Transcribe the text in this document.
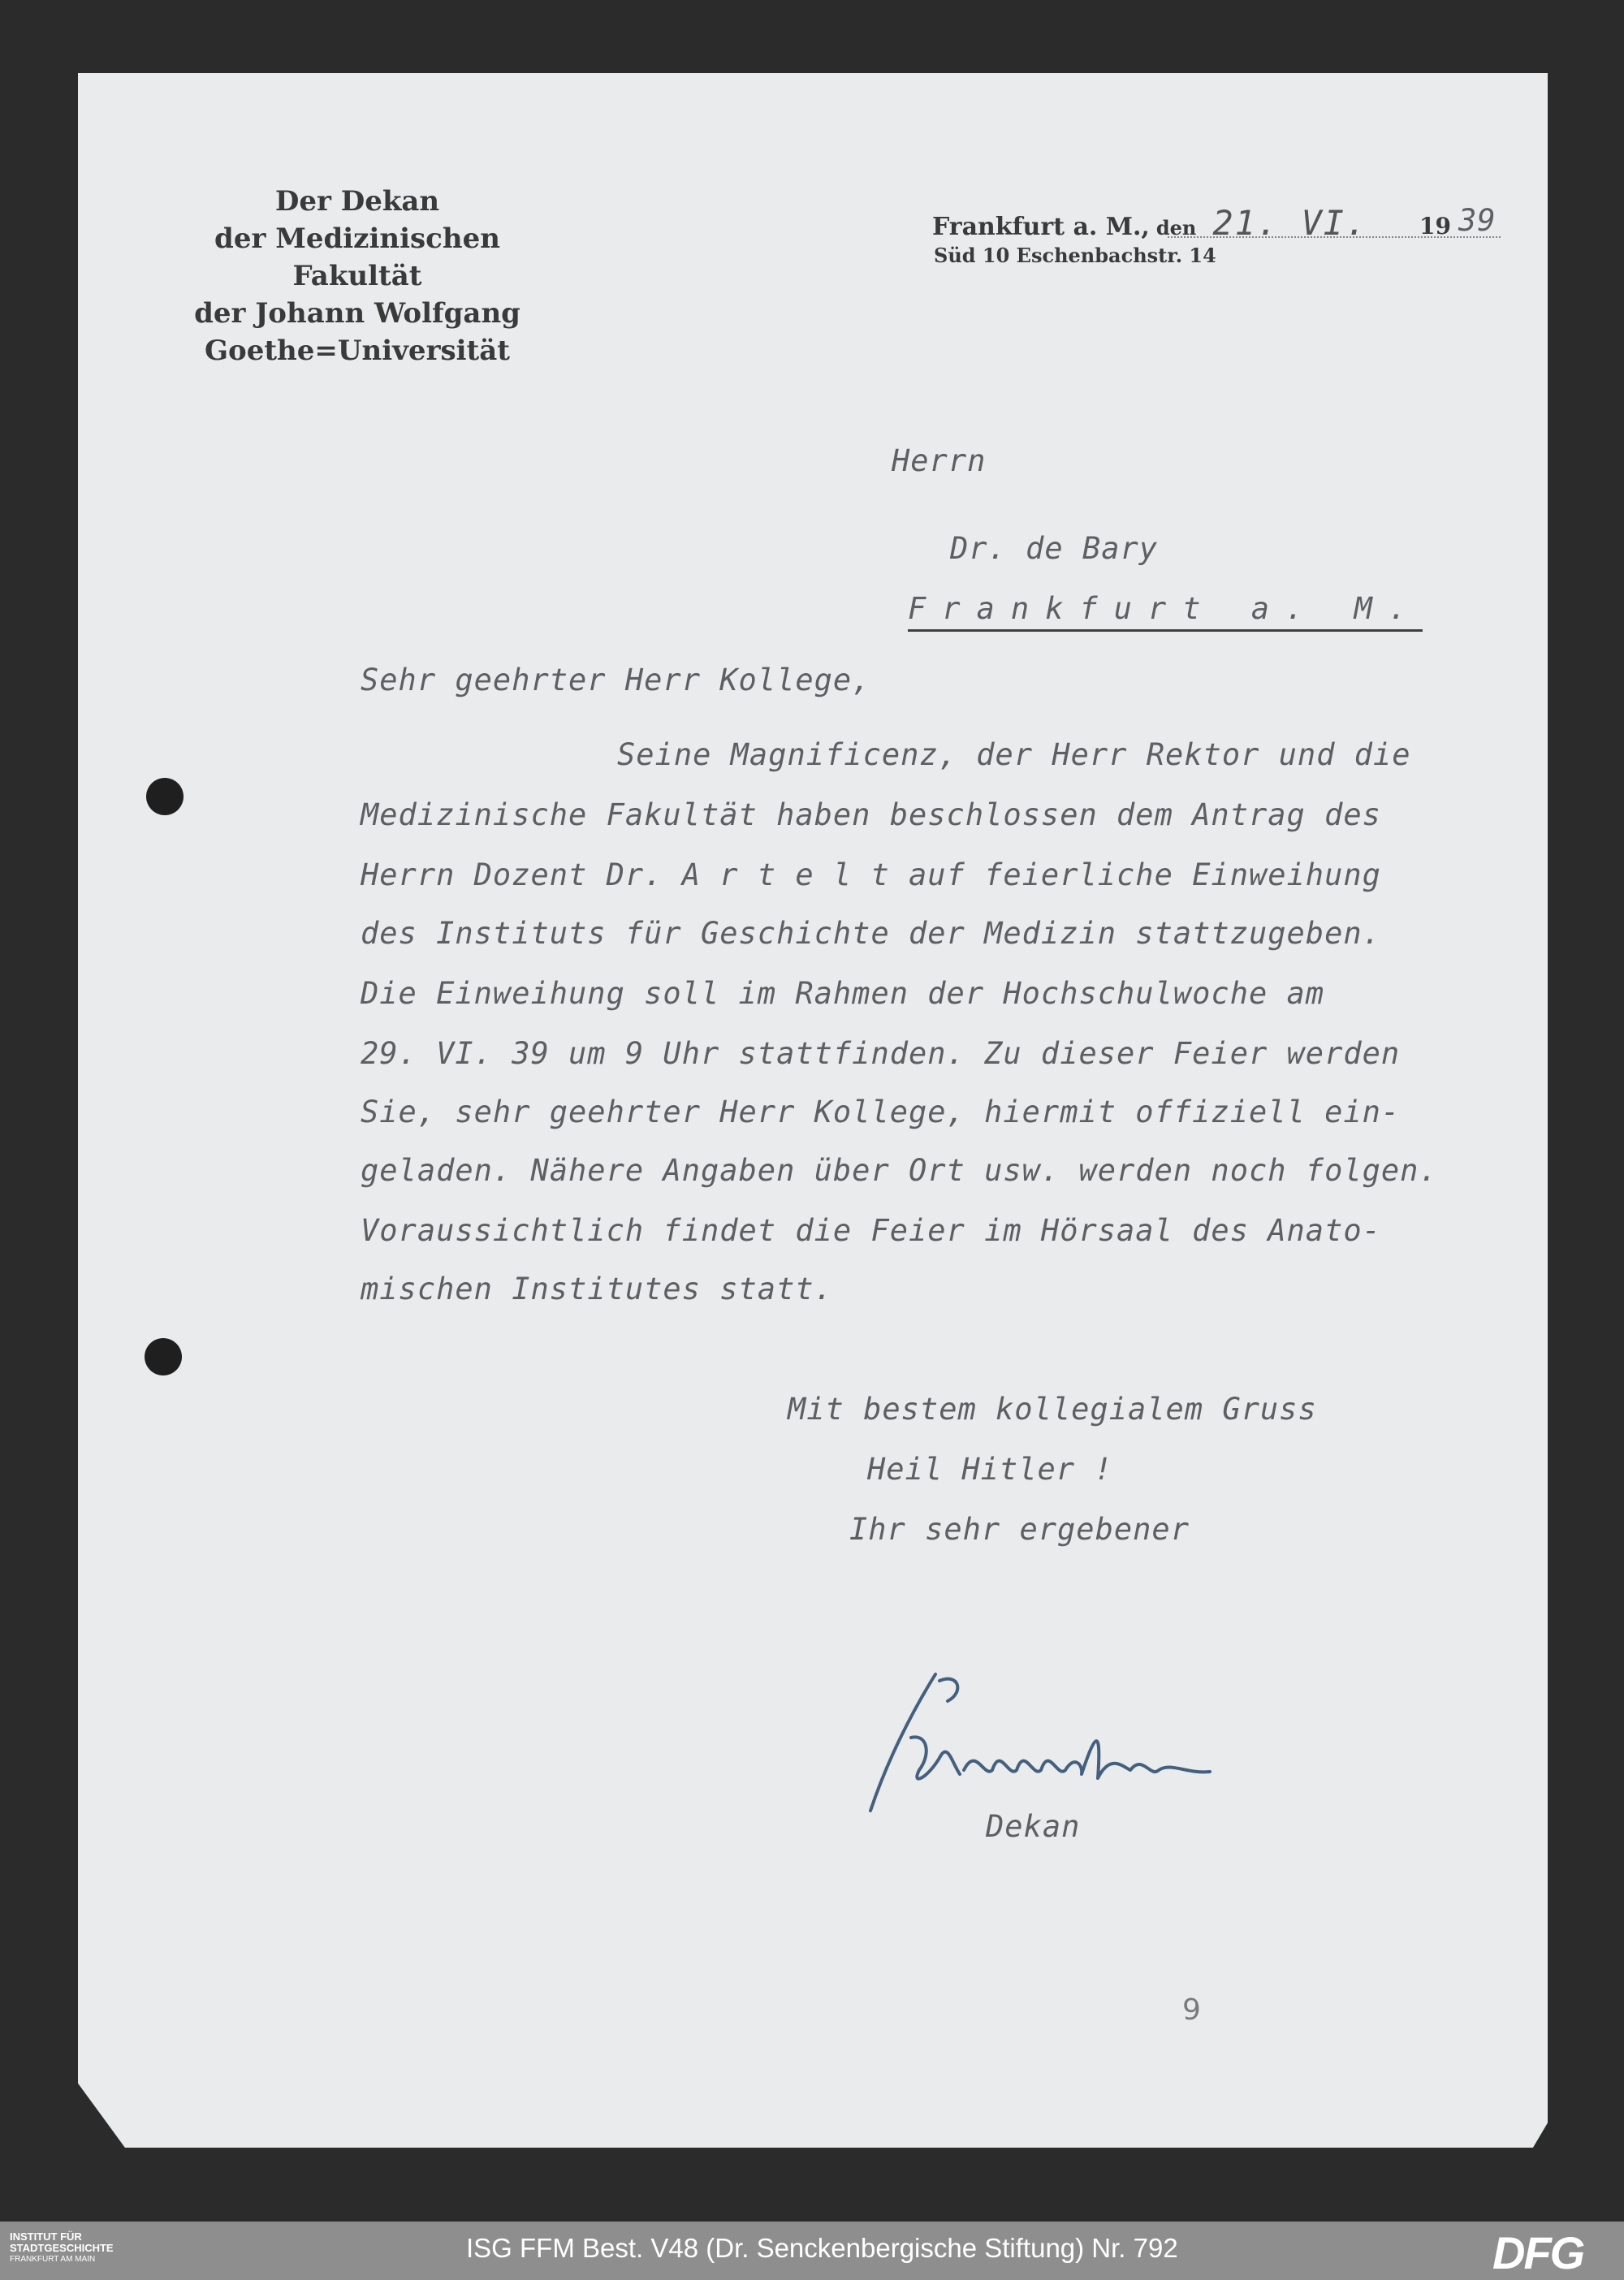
Der Dekan
der Medizinischen Fakultät
der Johann Wolfgang
Goethe=Universität
Frankfurt a. M., den 21. VI. 19 39
Süd 10 Eschenbachstr. 14
Herrn
Dr. de Bary
Frankfurt a. M.
Sehr geehrter Herr Kollege,
Seine Magnificenz, der Herr Rektor und die
Medizinische Fakultät haben beschlossen dem Antrag des
Herrn Dozent Dr. A r t e l t auf feierliche Einweihung
des Instituts für Geschichte der Medizin stattzugeben.
Die Einweihung soll im Rahmen der Hochschulwoche am
29. VI. 39 um 9 Uhr stattfinden. Zu dieser Feier werden
Sie, sehr geehrter Herr Kollege, hiermit offiziell ein-
geladen. Nähere Angaben über Ort usw. werden noch folgen.
Voraussichtlich findet die Feier im Hörsaal des Anato-
mischen Institutes statt.
Mit bestem kollegialem Gruss
Heil Hitler !
Ihr sehr ergebener
Dekan
9
INSTITUT FÜR
STADTGESCHICHTE
FRANKFURT AM MAIN	ISG FFM Best. V48 (Dr. Senckenbergische Stiftung) Nr. 792	DFG
